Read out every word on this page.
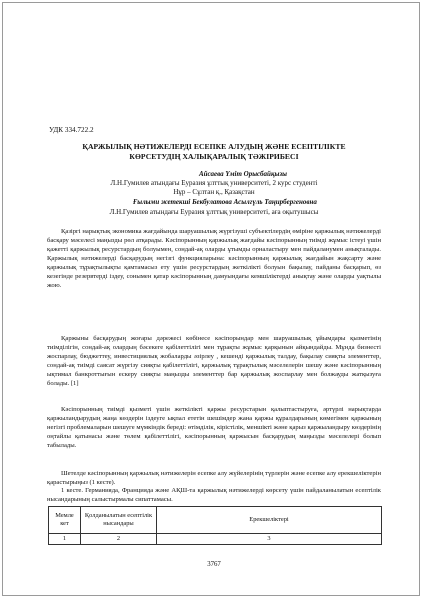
УДК 334.722.2
ҚАРЖЫЛЫҚ НӘТИЖЕЛЕРДІ ЕСЕПКЕ АЛУДЫҢ ЖӘНЕ ЕСЕПТІЛІКТЕ
КӨРСЕТУДІҢ ХАЛЫҚАРАЛЫҚ ТӘЖІРИБЕСІ
Айсаева Үміт Орысбайқызы
Л.Н.Гумилев атындағы Еуразия ұлттық университеті, 2 курс студенті
Нұр – Сұлтан қ., Қазақстан
Ғылыми жетекші Бекбулатова Асылгүль Таңирбергеновна
Л.Н.Гумилев атындағы Еуразия ұлттық университеті, аға оқытушысы

Қазіргі нарықтық экономика жағдайында шаруашылық жүргізуші субъектілердің өміріне қаржылық нәтижелерді басқару мәселесі маңызды рөл атқарады. Кәсіпорынның қаржылық жағдайы кәсіпорынның тиімді жұмыс істеуі үшін қажетті қаржылық ресурстардың болуымен, сондай-ақ оларды ұтымды орналастыру мен пайдаланумен анықталады. Қаржылық нәтижелерді басқарудың негізгі функцияларына: кәсіпорынның қаржылық жағдайын жақсарту және қаржылық тұрақтылықты қамтамасыз ету үшін ресурстардың жеткілікті болуын бақылау, пайданы басқарып, өз кезегінде резервтерді іздеу, сонымен қатар кәсіпорынның дамуындағы кемшіліктерді анықтау және оларды уақтылы жою.

Қаржыны басқарудың жоғары дәрежесі көбінесе кәсіпорындар мен шаруашылық ұйымдары қызметінің тиімділігін, сондай-ақ олардың бәсекеге қабілеттілігі мен тұрақты жұмыс қарқынын айқындайды. Мұнда бизнесті жоспарлау, бюджеттеу, инвестициялық жобаларды әзірлеу , кешенді қаржылық талдау, бақылау сияқты элементтер, сондай-ақ тиімді саясат жүргізу сияқты қабілеттілігі, қаржылық тұрақтылық мәселелерін шешу және кәсіпорынның ықтимал банкроттығын ескеру сияқты маңызды элементтер бар қаржылық жоспарлау мен болжауды жатқызуға болады. [1]

Кәсіпорынның тиімді қызметі үшін жеткілікті қаржы ресурстарын қалыптастыруға, әртүрлі нарықтарда қаржыландырудың жаңа көздерін іздеуге ықпал ететін шешімдер жана қаржы құралдарының көмегімен қаржының негізгі проблемаларын шешуге мүмкіндік береді: өтімділік, кірістілік, меншікті және қарыз қаржыландыру көздерінің оңтайлы қатынасы және төлем қабілеттілігі, кәсіпорынның қаржысын басқарудың маңызды мәселелері болып табылады.

Шетелде кәсіпорынның қаржылық нәтижелерін есепке алу жүйелерінің түрлерін және есепке алу ерекшеліктерін қарастырыңыз (1 кесте).

1 кесте. Германияда, Францияда және АҚШ-та қаржылық нәтижелерді көрсету үшін пайдаланылатын есептілік нысандарының салыстырмалы сипаттамасы.

Мемле кет	Қолданылатын есептілік нысандары	Ерекшеліктері
1	2	3
3767
